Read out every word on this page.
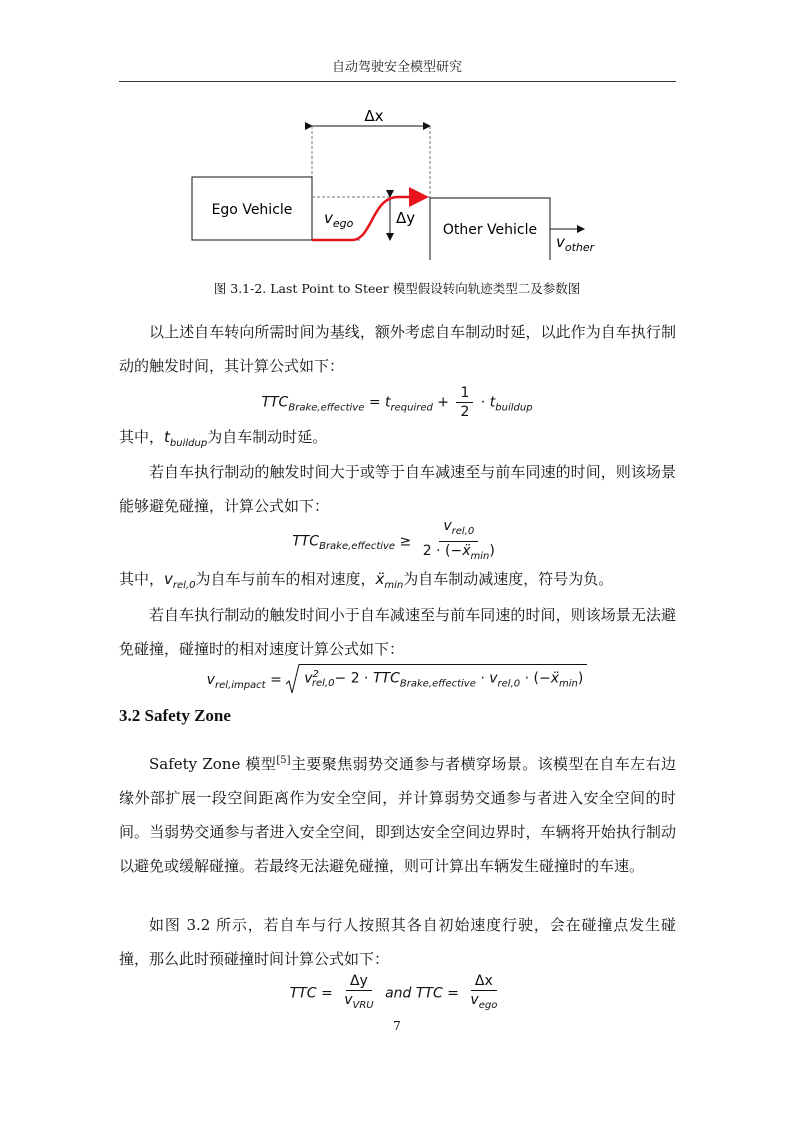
自动驾驶安全模型研究
Δx
Ego Vehicle
Other Vehicle
$v_{other}$
Δy
$v_{ego}$
图 3.1-2. Last Point to Steer 模型假设转向轨迹类型二及参数图

以上述自车转向所需时间为基线，额外考虑自车制动时延，以此作为自车执行制动的触发时间，其计算公式如下：

$TTC_{Brake,effective} = t_{required} + \frac{1}{2} \cdot t_{buildup}$

其中，$t_{buildup}$为自车制动时延。

若自车执行制动的触发时间大于或等于自车减速至与前车同速的时间，则该场景能够避免碰撞，计算公式如下：

$TTC_{Brake,effective} \ge \frac{v_{rel,0}}{2 \cdot (-ẍ_{min})}$

其中，$v_{rel,0}$为自车与前车的相对速度，ẍ$_{min}$为自车制动减速度，符号为负。

若自车执行制动的触发时间小于自车减速至与前车同速的时间，则该场景无法避免碰撞，碰撞时的相对速度计算公式如下：

$v_{rel,impact} = v^2_{rel,0}- 2 \cdot TTC_{Brake,effective} \cdot v_{rel,0}$ · (−ẍ$_{min}$)
3.2 Safety Zone

Safety Zone 模型[5]主要聚焦弱势交通参与者横穿场景。该模型在自车左右边缘外部扩展一段空间距离作为安全空间，并计算弱势交通参与者进入安全空间的时间。当弱势交通参与者进入安全空间，即到达安全空间边界时，车辆将开始执行制动以避免或缓解碰撞。若最终无法避免碰撞，则可计算出车辆发生碰撞时的车速。

如图 3.2 所示，若自车与行人按照其各自初始速度行驶，会在碰撞点发生碰撞，那么此时预碰撞时间计算公式如下：

TTC = $\frac{\Delta y}{v_{VRU}}$ and TTC = $\frac{\Delta x}{v_{ego}}$
7
